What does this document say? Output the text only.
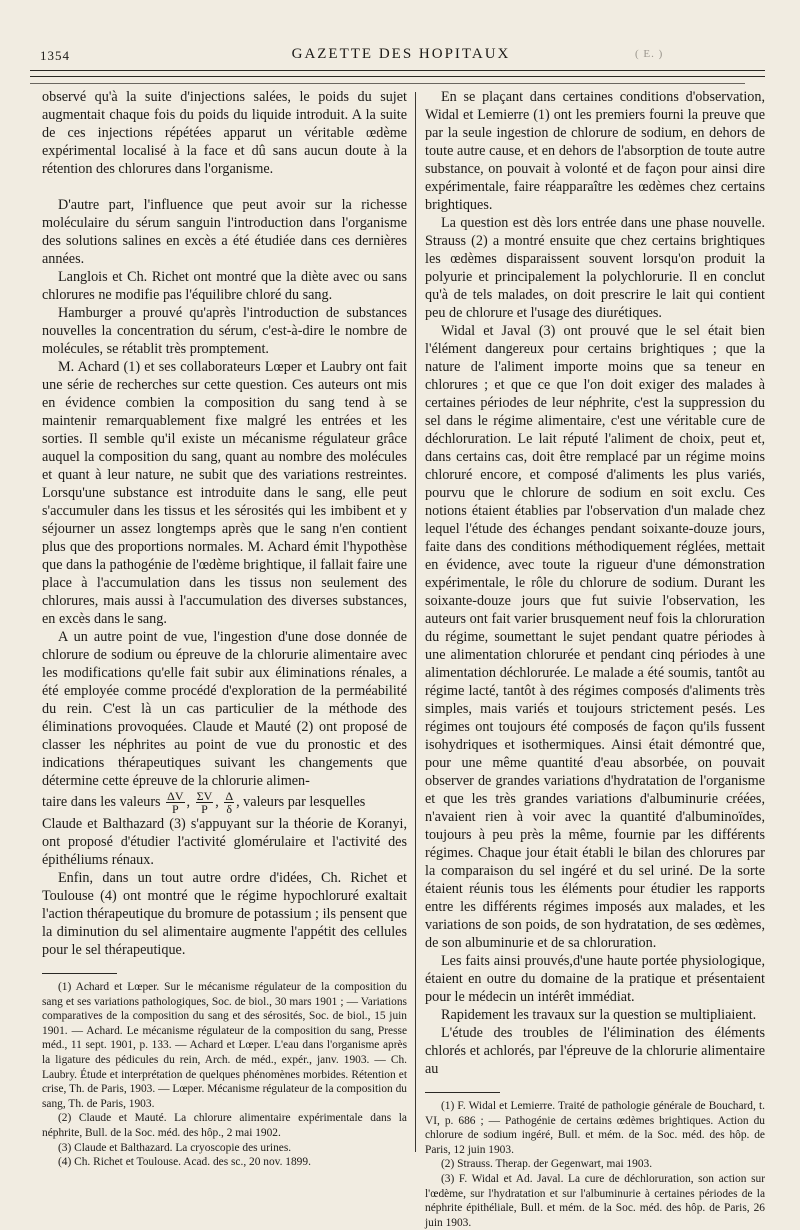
1354	GAZETTE DES HOPITAUX	( E. )

observé qu'à la suite d'injections salées, le poids du sujet augmentait chaque fois du poids du liquide introduit. A la suite de ces injections répétées apparut un véritable œdème expérimental localisé à la face et dû sans aucun doute à la rétention des chlorures dans l'organisme.

D'autre part, l'influence que peut avoir sur la richesse moléculaire du sérum sanguin l'introduction dans l'organisme des solutions salines en excès a été étudiée dans ces dernières années.

Langlois et Ch. Richet ont montré que la diète avec ou sans chlorures ne modifie pas l'équilibre chloré du sang.

Hamburger a prouvé qu'après l'introduction de substances nouvelles la concentration du sérum, c'est-à-dire le nombre de molécules, se rétablit très promptement.

M. Achard (1) et ses collaborateurs Lœper et Laubry ont fait une série de recherches sur cette question. Ces auteurs ont mis en évidence combien la composition du sang tend à se maintenir remarquablement fixe malgré les entrées et les sorties. Il semble qu'il existe un mécanisme régulateur grâce auquel la composition du sang, quant au nombre des molécules et quant à leur nature, ne subit que des variations restreintes. Lorsqu'une substance est introduite dans le sang, elle peut s'accumuler dans les tissus et les sérosités qui les imbibent et y séjourner un assez longtemps après que le sang n'en contient plus que des proportions normales. M. Achard émit l'hypothèse que dans la pathogénie de l'œdème brightique, il fallait faire une place à l'accumulation dans les tissus non seulement des chlorures, mais aussi à l'accumulation des diverses substances, en excès dans le sang.

A un autre point de vue, l'ingestion d'une dose donnée de chlorure de sodium ou épreuve de la chlorurie alimentaire avec les modifications qu'elle fait subir aux éliminations rénales, a été employée comme procédé d'exploration de la perméabilité du rein. C'est là un cas particulier de la méthode des éliminations provoquées. Claude et Mauté (2) ont proposé de classer les néphrites au point de vue du pronostic et des indications thérapeutiques suivant les changements que détermine cette épreuve de la chlorurie alimen-

taire dans les valeurs $\frac{\Delta V}{P}$ , $\frac{\Sigma V}{P}$ , $\frac{\Delta}{\delta}$ , valeurs par lesquelles

Claude et Balthazard (3) s'appuyant sur la théorie de Koranyi, ont proposé d'étudier l'activité glomérulaire et l'activité des épithéliums rénaux.

Enfin, dans un tout autre ordre d'idées, Ch. Richet et Toulouse (4) ont montré que le régime hypochloruré exaltait l'action thérapeutique du bromure de potassium ; ils pensent que la diminution du sel alimentaire augmente l'appétit des cellules pour le sel thérapeutique.

(1) Achard et Lœper. Sur le mécanisme régulateur de la composition du sang et ses variations pathologiques, Soc. de biol., 30 mars 1901 ; — Variations comparatives de la composition du sang et des sérosités, Soc. de biol., 15 juin 1901. — Achard. Le mécanisme régulateur de la composition du sang, Presse méd., 11 sept. 1901, p. 133. — Achard et Lœper. L'eau dans l'organisme après la ligature des pédicules du rein, Arch. de méd., expér., janv. 1903. — Ch. Laubry. Étude et interprétation de quelques phénomènes morbides. Rétention et crise, Th. de Paris, 1903. — Lœper. Mécanisme régulateur de la composition du sang, Th. de Paris, 1903.

(2) Claude et Mauté. La chlorure alimentaire expérimentale dans la néphrite, Bull. de la Soc. méd. des hôp., 2 mai 1902.

(3) Claude et Balthazard. La cryoscopie des urines.

(4) Ch. Richet et Toulouse. Acad. des sc., 20 nov. 1899.

En se plaçant dans certaines conditions d'observation, Widal et Lemierre (1) ont les premiers fourni la preuve que par la seule ingestion de chlorure de sodium, en dehors de toute autre cause, et en dehors de l'absorption de toute autre substance, on pouvait à volonté et de façon pour ainsi dire expérimentale, faire réapparaître les œdèmes chez certains brightiques.

La question est dès lors entrée dans une phase nouvelle. Strauss (2) a montré ensuite que chez certains brightiques les œdèmes disparaissent souvent lorsqu'on produit la polyurie et principalement la polychlorurie. Il en conclut qu'à de tels malades, on doit prescrire le lait qui contient peu de chlorure et l'usage des diurétiques.

Widal et Javal (3) ont prouvé que le sel était bien l'élément dangereux pour certains brightiques ; que la nature de l'aliment importe moins que sa teneur en chlorures ; et que ce que l'on doit exiger des malades à certaines périodes de leur néphrite, c'est la suppression du sel dans le régime alimentaire, c'est une véritable cure de déchloruration. Le lait réputé l'aliment de choix, peut et, dans certains cas, doit être remplacé par un régime moins chloruré encore, et composé d'aliments les plus variés, pourvu que le chlorure de sodium en soit exclu. Ces notions étaient établies par l'observation d'un malade chez lequel l'étude des échanges pendant soixante-douze jours, faite dans des conditions méthodiquement réglées, mettait en évidence, avec toute la rigueur d'une démonstration expérimentale, le rôle du chlorure de sodium. Durant les soixante-douze jours que fut suivie l'observation, les auteurs ont fait varier brusquement neuf fois la chloruration du régime, soumettant le sujet pendant quatre périodes à une alimentation chlorurée et pendant cinq périodes à une alimentation déchlorurée. Le malade a été soumis, tantôt au régime lacté, tantôt à des régimes composés d'aliments très simples, mais variés et toujours strictement pesés. Les régimes ont toujours été composés de façon qu'ils fussent isohydriques et isothermiques. Ainsi était démontré que, pour une même quantité d'eau absorbée, on pouvait observer de grandes variations d'hydratation de l'organisme et que les très grandes variations d'albuminurie créées, n'avaient rien à voir avec la quantité d'albuminoïdes, toujours à peu près la même, fournie par les différents régimes. Chaque jour était établi le bilan des chlorures par la comparaison du sel ingéré et du sel uriné. De la sorte étaient réunis tous les éléments pour étudier les rapports entre les différents régimes imposés aux malades, et les variations de son poids, de son hydratation, de ses œdèmes, de son albuminurie et de sa chloruration.

Les faits ainsi prouvés,d'une haute portée physiologique, étaient en outre du domaine de la pratique et présentaient pour le médecin un intérêt immédiat.

Rapidement les travaux sur la question se multipliaient.

L'étude des troubles de l'élimination des éléments chlorés et achlorés, par l'épreuve de la chlorurie alimentaire au

(1) F. Widal et Lemierre. Traité de pathologie générale de Bouchard, t. VI, p. 686 ; — Pathogénie de certains œdèmes brightiques. Action du chlorure de sodium ingéré, Bull. et mém. de la Soc. méd. des hôp. de Paris, 12 juin 1903.

(2) Strauss. Therap. der Gegenwart, mai 1903.

(3) F. Widal et Ad. Javal. La cure de déchloruration, son action sur l'œdème, sur l'hydratation et sur l'albuminurie à certaines périodes de la néphrite épithéliale, Bull. et mém. de la Soc. méd. des hôp. de Paris, 26 juin 1903.
